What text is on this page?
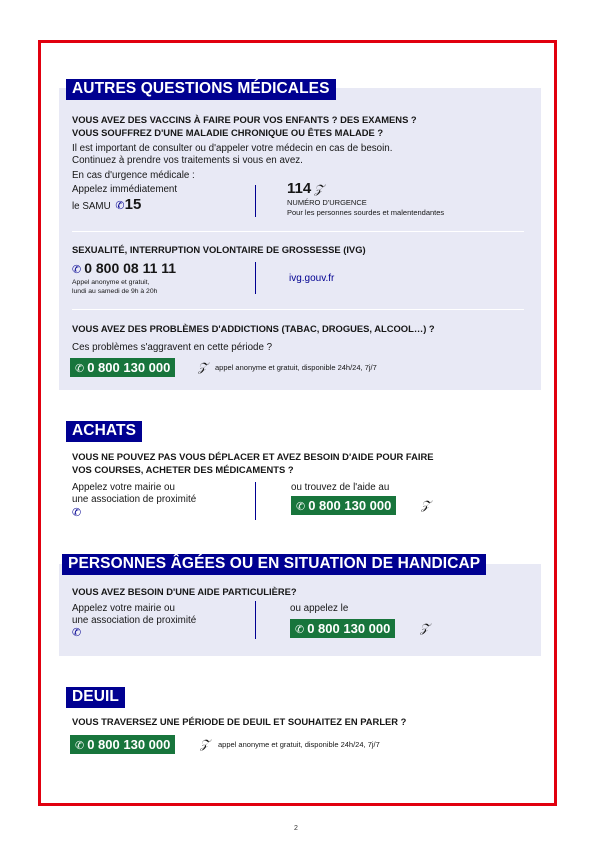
AUTRES QUESTIONS MÉDICALES
VOUS AVEZ DES VACCINS À FAIRE POUR VOS ENFANTS ? DES EXAMENS ?
VOUS SOUFFREZ D'UNE MALADIE CHRONIQUE OU ÊTES MALADE ?
Il est important de consulter ou d'appeler votre médecin en cas de besoin.
Continuez à prendre vos traitements si vous en avez.
En cas d'urgence médicale :
Appelez immédiatement
le SAMU ✆15
114 𝒵
NUMÉRO D'URGENCE
Pour les personnes sourdes et malentendantes
SEXUALITÉ, INTERRUPTION VOLONTAIRE DE GROSSESSE (IVG)
✆ 0 800 08 11 11
Appel anonyme et gratuit,
lundi au samedi de 9h à 20h
ivg.gouv.fr
VOUS AVEZ DES PROBLÈMES D'ADDICTIONS (TABAC, DROGUES, ALCOOL…) ?
Ces problèmes s'aggravent en cette période ?
✆ 0 800 130 000	𝒵 appel anonyme et gratuit, disponible 24h/24, 7j/7
ACHATS
VOUS NE POUVEZ PAS VOUS DÉPLACER ET AVEZ BESOIN D'AIDE POUR FAIRE
VOS COURSES, ACHETER DES MÉDICAMENTS ?
Appelez votre mairie ou
une association de proximité
✆
ou trouvez de l'aide au
✆ 0 800 130 000	𝒵
PERSONNES ÂGÉES OU EN SITUATION DE HANDICAP
VOUS AVEZ BESOIN D'UNE AIDE PARTICULIÈRE?
Appelez votre mairie ou
une association de proximité
✆
ou appelez le
✆ 0 800 130 000	𝒵
DEUIL
VOUS TRAVERSEZ UNE PÉRIODE DE DEUIL ET SOUHAITEZ EN PARLER ?
✆ 0 800 130 000	𝒵 appel anonyme et gratuit, disponible 24h/24, 7j/7
2
